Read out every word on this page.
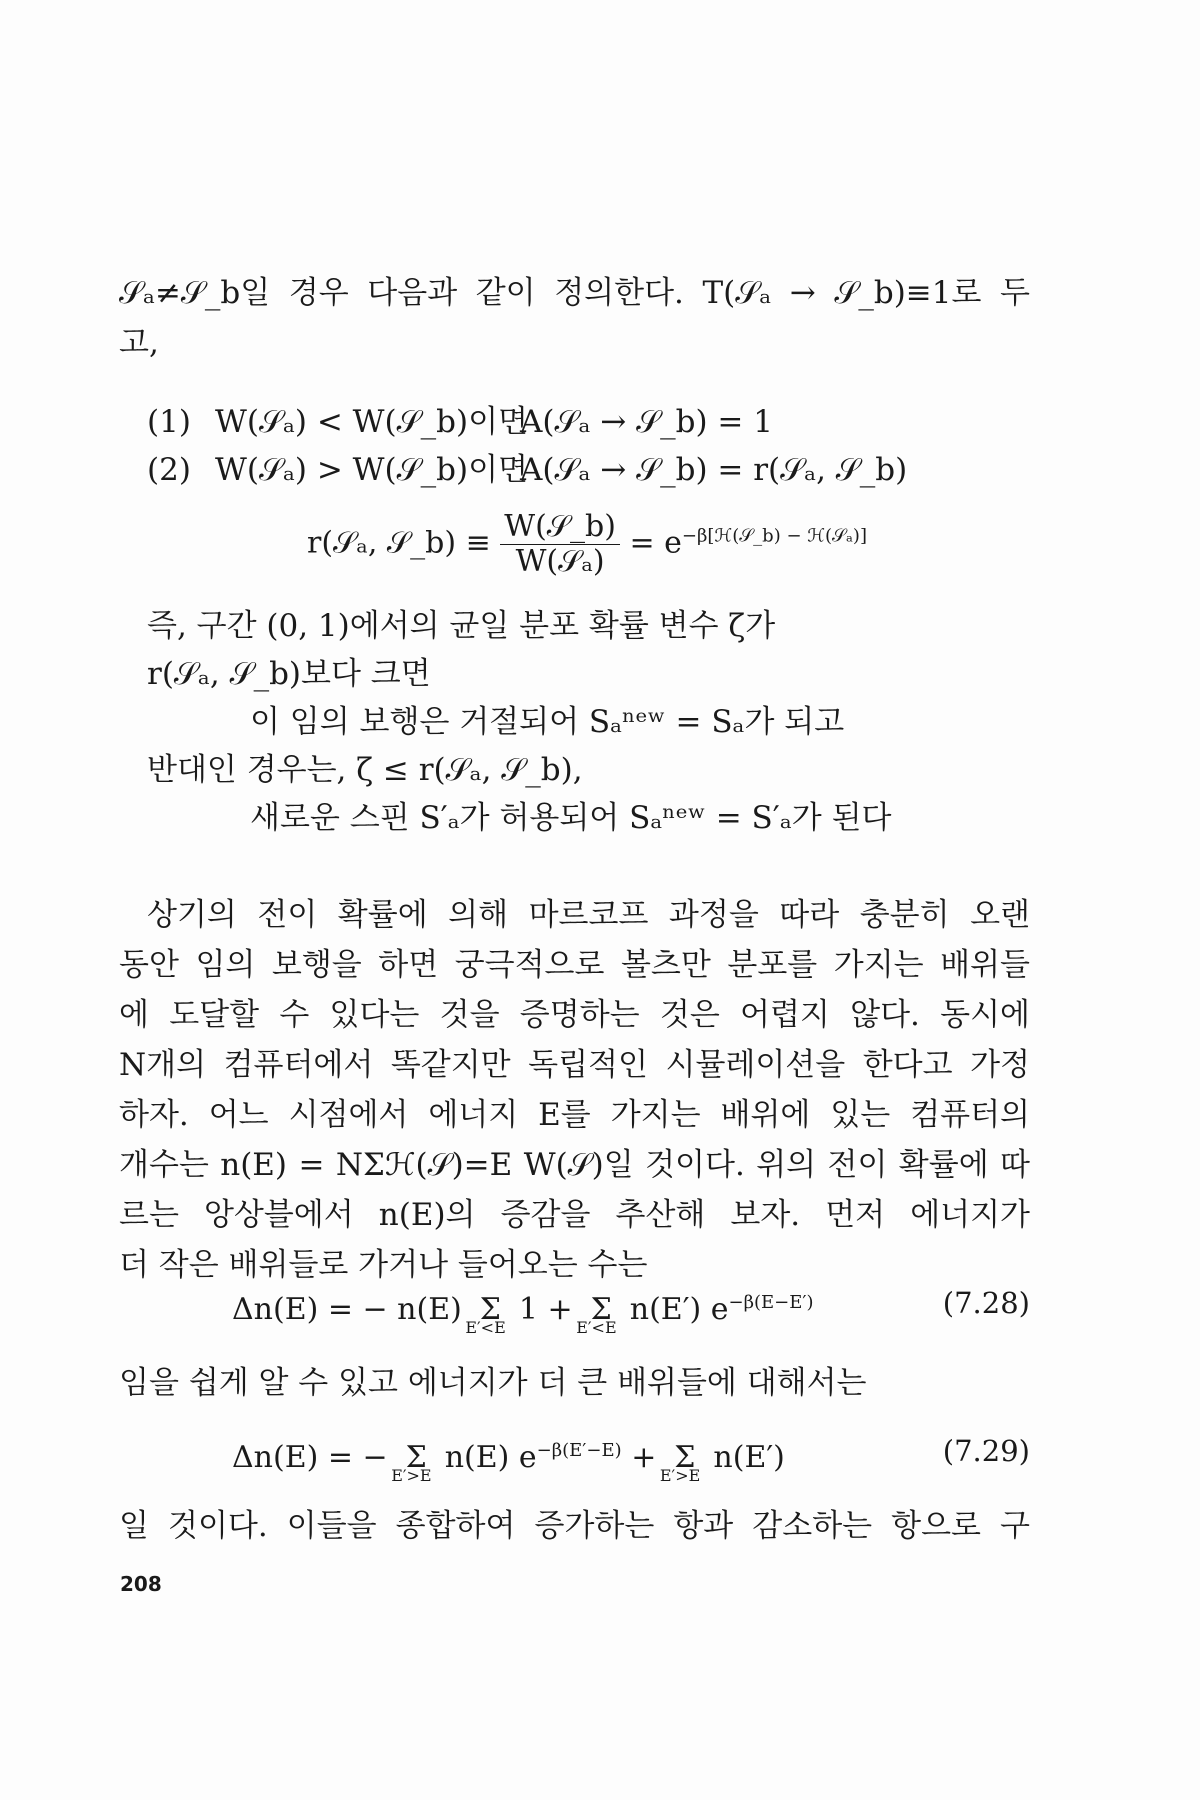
𝒮ₐ≠𝒮_b일 경우 다음과 같이 정의한다. T(𝒮ₐ → 𝒮_b)≡1로 두
고,
(1) W(𝒮ₐ) < W(𝒮_b)이면
A(𝒮ₐ → 𝒮_b) = 1
(2) W(𝒮ₐ) > W(𝒮_b)이면
A(𝒮ₐ → 𝒮_b) = r(𝒮ₐ, 𝒮_b)
r(𝒮ₐ, 𝒮_b) ≡ $\frac{\text{W(𝒮\_b)}}{\text{W(𝒮ₐ)}} = e^{-\beta[ℋ(𝒮\_b) - ℋ(𝒮_a)]}$
즉, 구간 (0, 1)에서의 균일 분포 확률 변수 ζ가
r(𝒮ₐ, 𝒮_b)보다 크면
이 임의 보행은 거절되어 Sₐⁿᵉʷ = Sₐ가 되고
반대인 경우는, ζ ≤ r(𝒮ₐ, 𝒮_b),
새로운 스핀 S′ₐ가 허용되어 Sₐⁿᵉʷ = S′ₐ가 된다
상기의 전이 확률에 의해 마르코프 과정을 따라 충분히 오랜
동안 임의 보행을 하면 궁극적으로 볼츠만 분포를 가지는 배위들
에 도달할 수 있다는 것을 증명하는 것은 어렵지 않다. 동시에
N개의 컴퓨터에서 똑같지만 독립적인 시뮬레이션을 한다고 가정
하자. 어느 시점에서 에너지 E를 가지는 배위에 있는 컴퓨터의
개수는 n(E) = NΣℋ(𝒮)=E W(𝒮)일 것이다. 위의 전이 확률에 따
르는 앙상블에서 n(E)의 증감을 추산해 보자. 먼저 에너지가
더 작은 배위들로 가거나 들어오는 수는
Δn(E) = − n(E) Σ
E′<E
1 + Σ
E′<E
n(E′) $e^{-\beta(E-E')}$	(7.28)
임을 쉽게 알 수 있고 에너지가 더 큰 배위들에 대해서는
Δn(E) = − Σ
E′>E
n(E) $e^{-\beta(E'-E)} + \Sigma$
E′>E
n(E′)	(7.29)
일 것이다. 이들을 종합하여 증가하는 항과 감소하는 항으로 구
208
